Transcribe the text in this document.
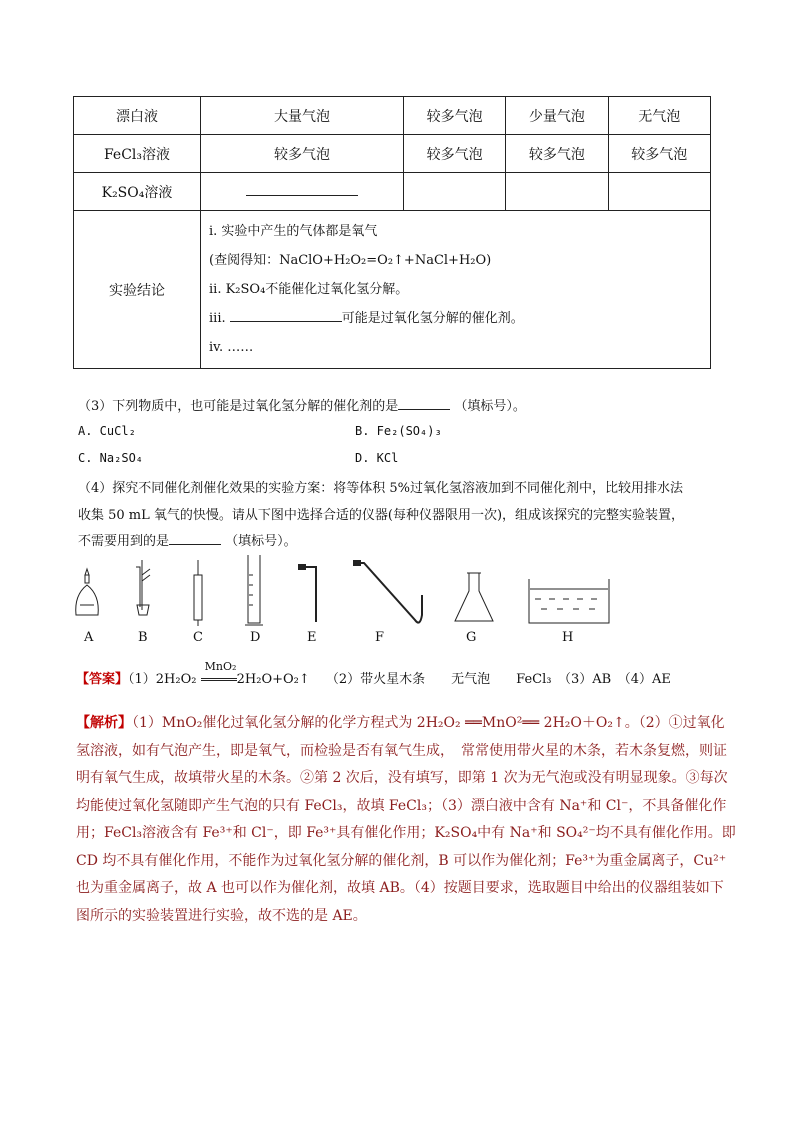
漂白液	大量气泡	较多气泡	少量气泡	无气泡
FeCl₃溶液	较多气泡	较多气泡	较多气泡	较多气泡
K₂SO₄溶液				
实验结论	i. 实验中产生的气体都是氧气
(查阅得知：NaClO+H₂O₂=O₂↑+NaCl+H₂O)
ii. K₂SO₄不能催化过氧化氢分解。
iii. 可能是过氧化氢分解的催化剂。
iv. ……			
（3）下列物质中，也可能是过氧化氢分解的催化剂的是	（填标号）。
A. CuCl₂	B. Fe₂(SO₄)₃
C. Na₂SO₄	D. KCl
（4）探究不同催化剂催化效果的实验方案：将等体积 5%过氧化氢溶液加到不同催化剂中，比较用排水法
收集 50 mL 氧气的快慢。请从下图中选择合适的仪器(每种仪器限用一次)，组成该探究的完整实验装置，
不需要用到的是	（填标号）。
A	B	C	D	E	F	G	H
【答案】（1）2H₂O₂
MnO₂
2H₂O+O₂↑ （2）带火星木条　　无气泡　　FeCl₃　（3）AB　（4）AE
【解析】（1）MnO₂催化过氧化氢分解的化学方程式为 2H₂O₂ ══MnO²══ 2H₂O＋O₂↑。（2）①过氧化氢溶液，如有气泡产生，即是氧气，而检验是否有氧气生成，　常常使用带火星的木条，若木条复燃，则证明有氧气生成，故填带火星的木条。②第 2 次后，没有填写，即第 1 次为无气泡或没有明显现象。③每次均能使过氧化氢随即产生气泡的只有 FeCl₃，故填 FeCl₃；（3）漂白液中含有 Na⁺和 Cl⁻，不具备催化作用；FeCl₃溶液含有 Fe³⁺和 Cl⁻，即 Fe³⁺具有催化作用；K₂SO₄中有 Na⁺和 SO₄²⁻均不具有催化作用。即 CD 均不具有催化作用，不能作为过氧化氢分解的催化剂，B 可以作为催化剂；Fe³⁺为重金属离子，Cu²⁺也为重金属离子，故 A 也可以作为催化剂，故填 AB。（4）按题目要求，选取题目中给出的仪器组装如下图所示的实验装置进行实验，故不选的是 AE。
